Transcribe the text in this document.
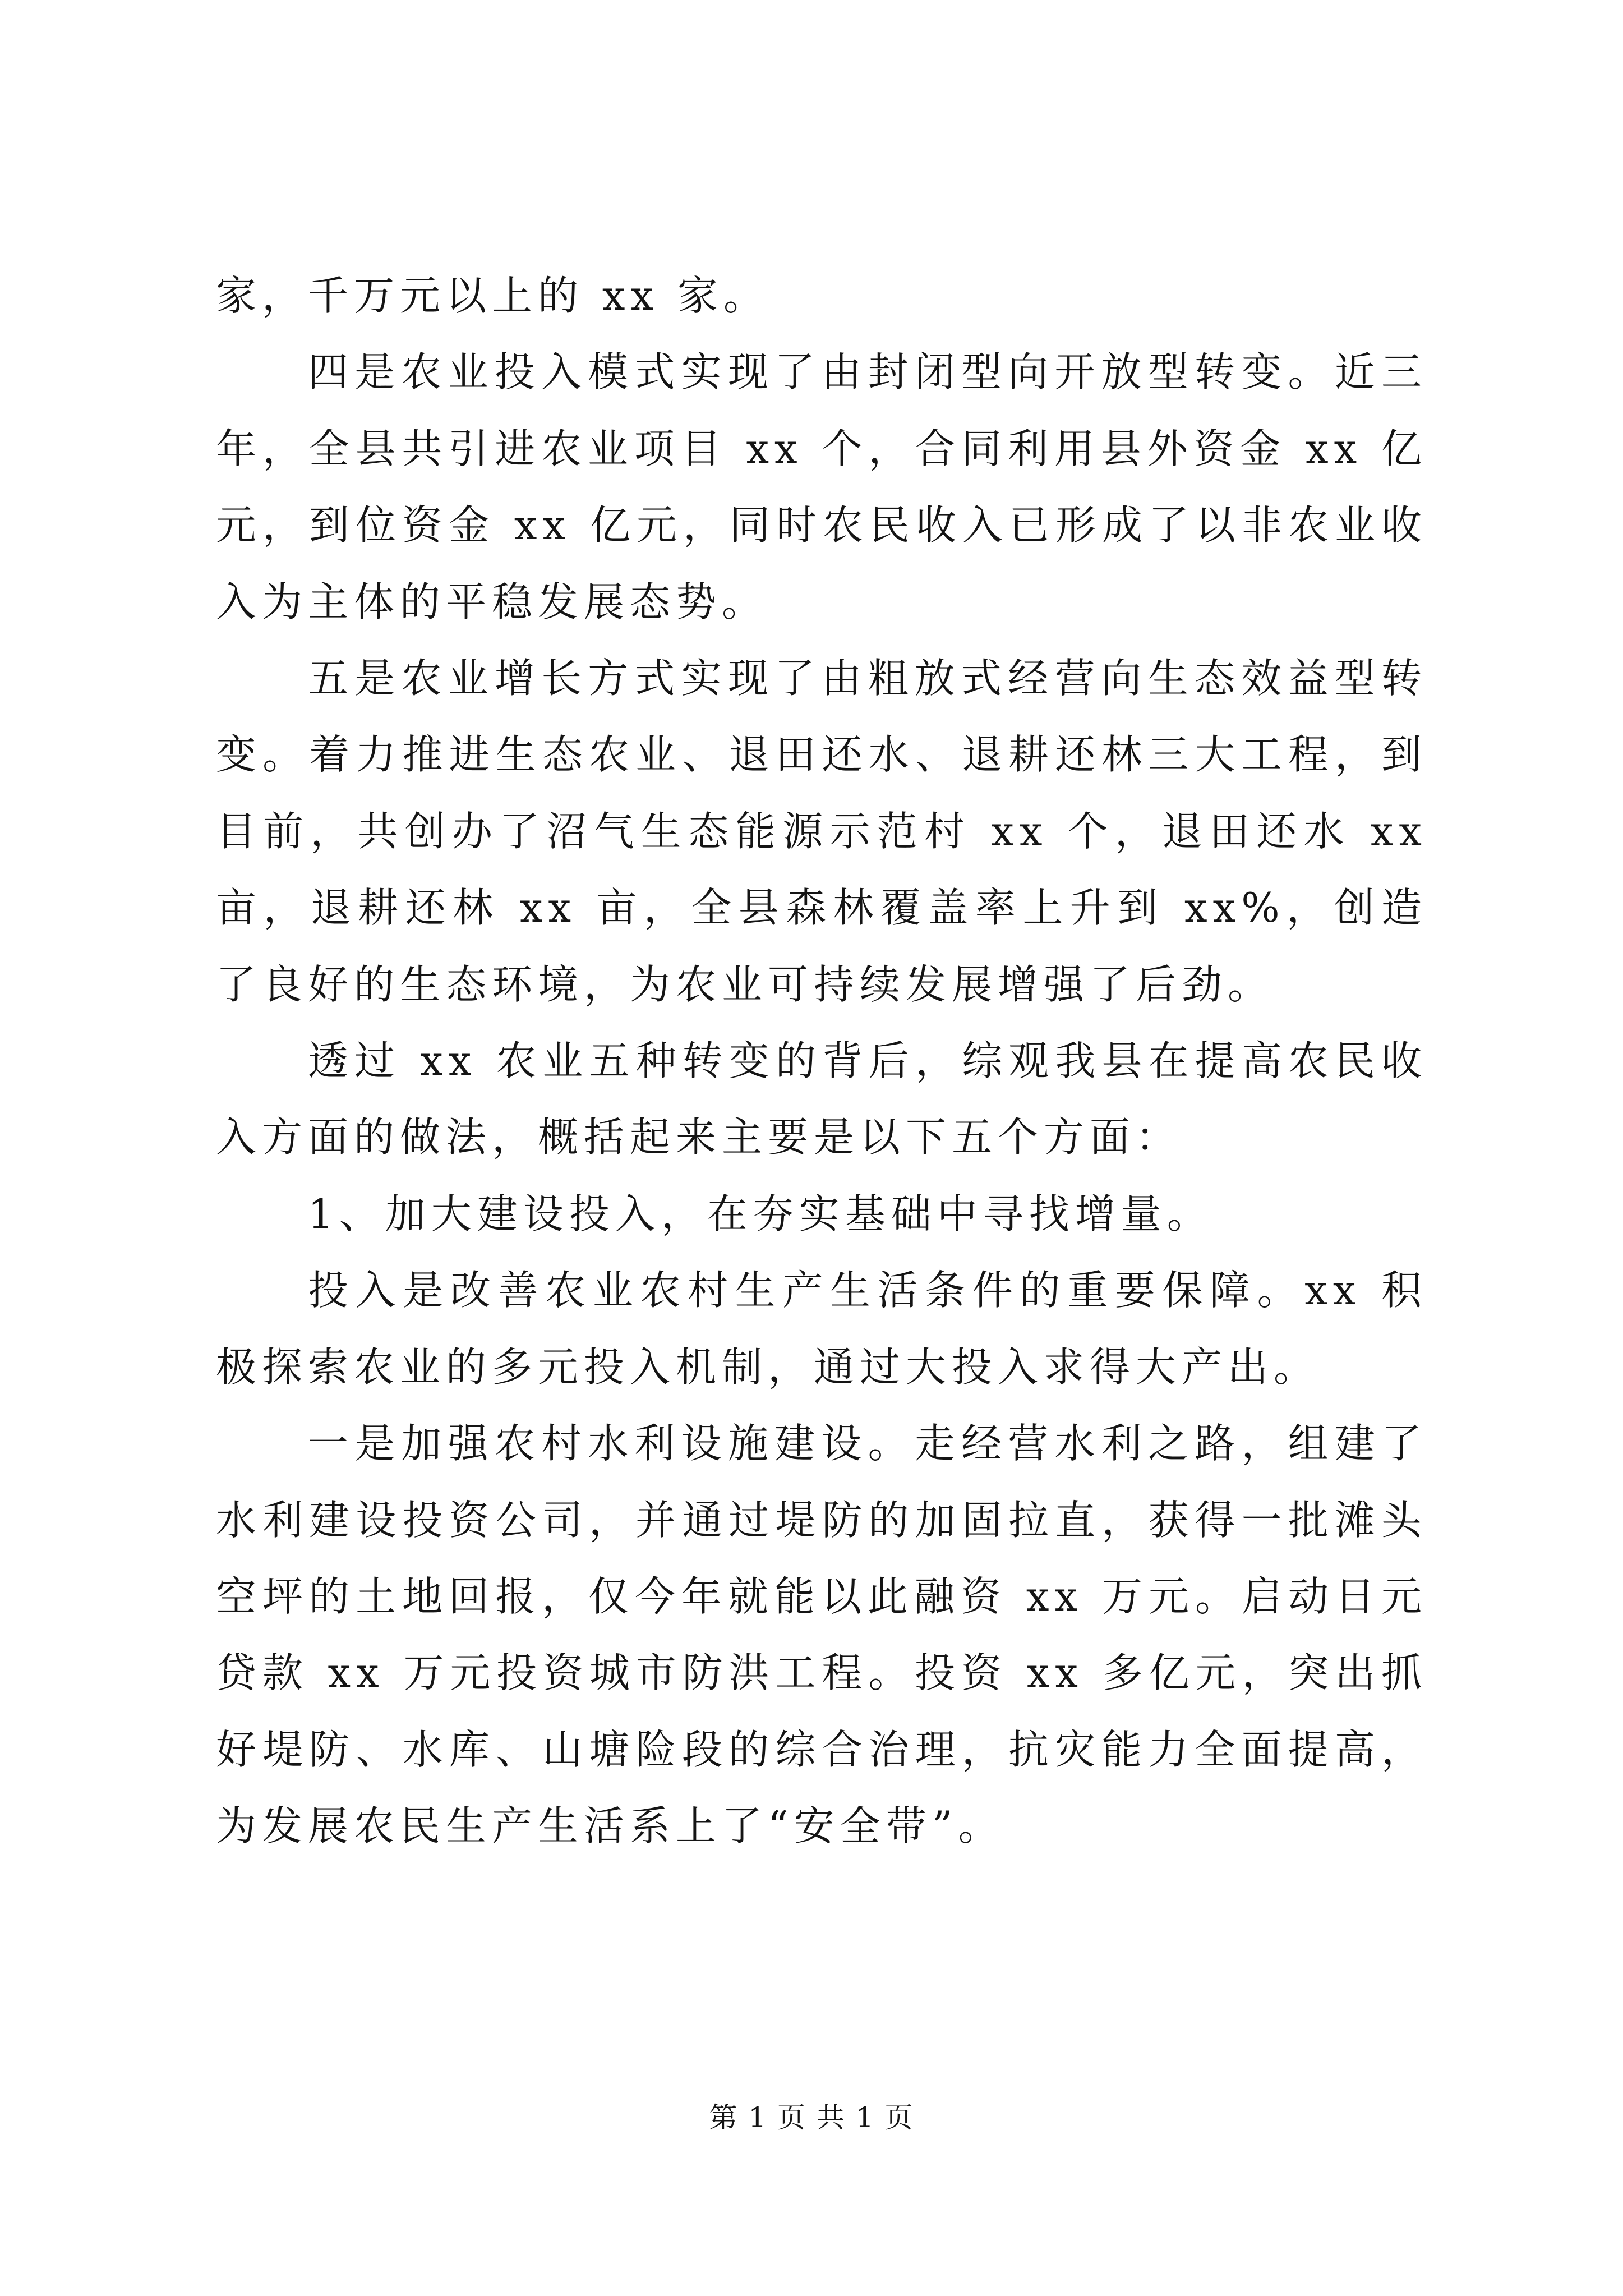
家，千万元以上的 xx 家。

四是农业投入模式实现了由封闭型向开放型转变。近三年，全县共引进农业项目 xx 个，合同利用县外资金 xx 亿元，到位资金 xx 亿元，同时农民收入已形成了以非农业收入为主体的平稳发展态势。

五是农业增长方式实现了由粗放式经营向生态效益型转变。着力推进生态农业、退田还水、退耕还林三大工程，到目前，共创办了沼气生态能源示范村 xx 个，退田还水 xx 亩，退耕还林 xx 亩，全县森林覆盖率上升到 xx%，创造了良好的生态环境，为农业可持续发展增强了后劲。

透过 xx 农业五种转变的背后，综观我县在提高农民收入方面的做法，概括起来主要是以下五个方面：

1、加大建设投入，在夯实基础中寻找增量。

投入是改善农业农村生产生活条件的重要保障。xx 积极探索农业的多元投入机制，通过大投入求得大产出。

一是加强农村水利设施建设。走经营水利之路，组建了水利建设投资公司，并通过堤防的加固拉直，获得一批滩头空坪的土地回报，仅今年就能以此融资 xx 万元。启动日元贷款 xx 万元投资城市防洪工程。投资 xx 多亿元，突出抓好堤防、水库、山塘险段的综合治理，抗灾能力全面提高，为发展农民生产生活系上了“安全带”。

第 1 页 共 1 页
